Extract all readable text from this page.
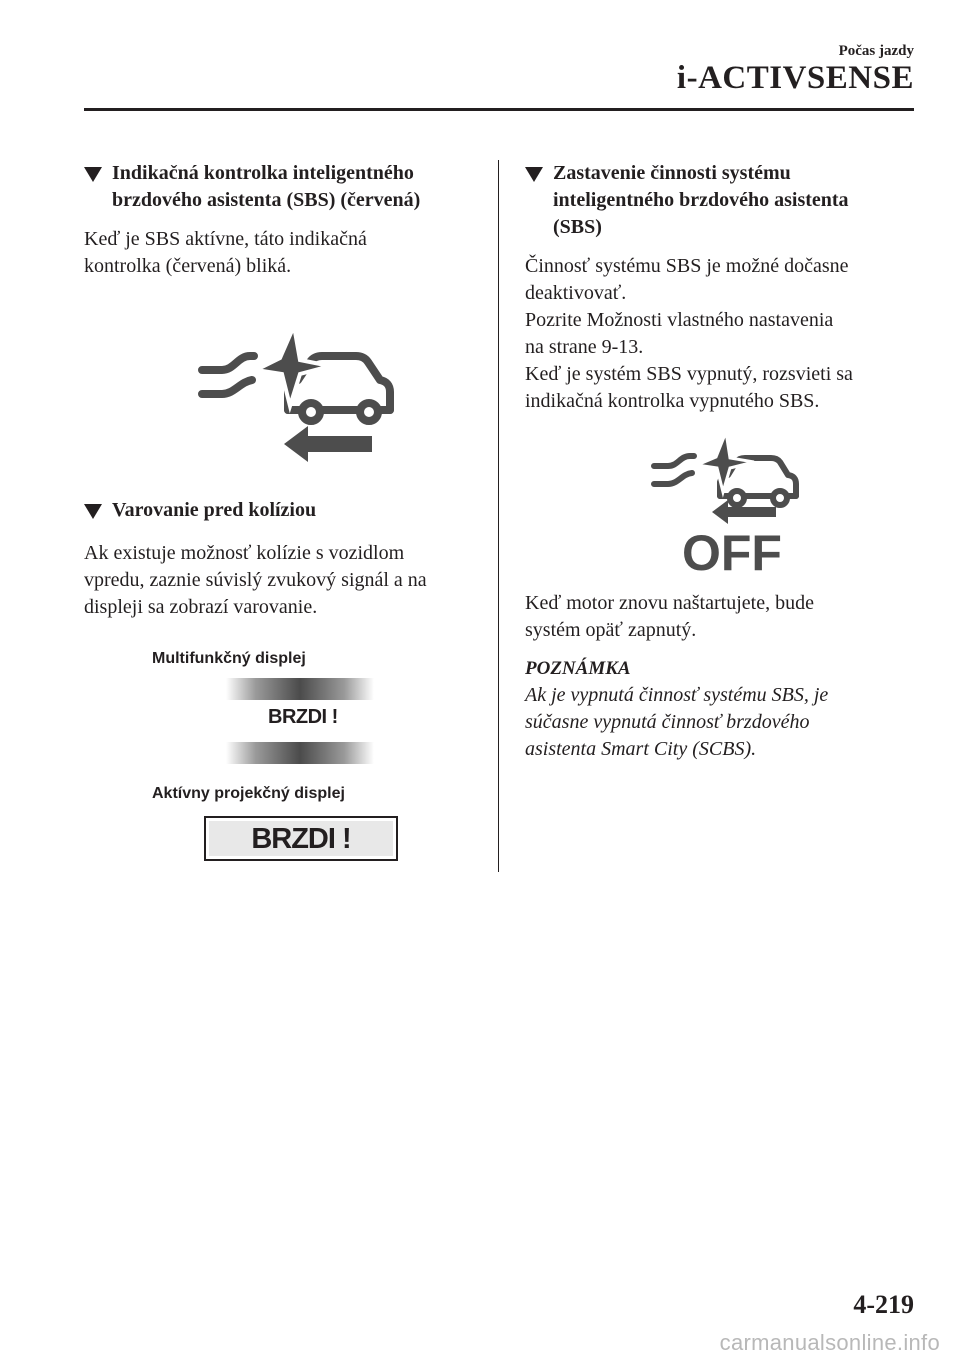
Počas jazdy
i-ACTIVSENSE
Indikačná kontrolka inteligentného
brzdového asistenta (SBS) (červená)

Keď je SBS aktívne, táto indikačná
kontrolka (červená) bliká.

Varovanie pred kolíziou

Ak existuje možnosť kolízie s vozidlom
vpredu, zaznie súvislý zvukový signál a na
displeji sa zobrazí varovanie.

Multifunkčný displej
BRZDI !
Aktívny projekčný displej
BRZDI !
Zastavenie činnosti systému
inteligentného brzdového asistenta
(SBS)

Činnosť systému SBS je možné dočasne
deaktivovať.
Pozrite Možnosti vlastného nastavenia
na strane 9-13.
Keď je systém SBS vypnutý, rozsvieti sa
indikačná kontrolka vypnutého SBS.

OFF

Keď motor znovu naštartujete, bude
systém opäť zapnutý.

POZNÁMKA

Ak je vypnutá činnosť systému SBS, je
súčasne vypnutá činnosť brzdového
asistenta Smart City (SCBS).

4-219
carmanualsonline.info
